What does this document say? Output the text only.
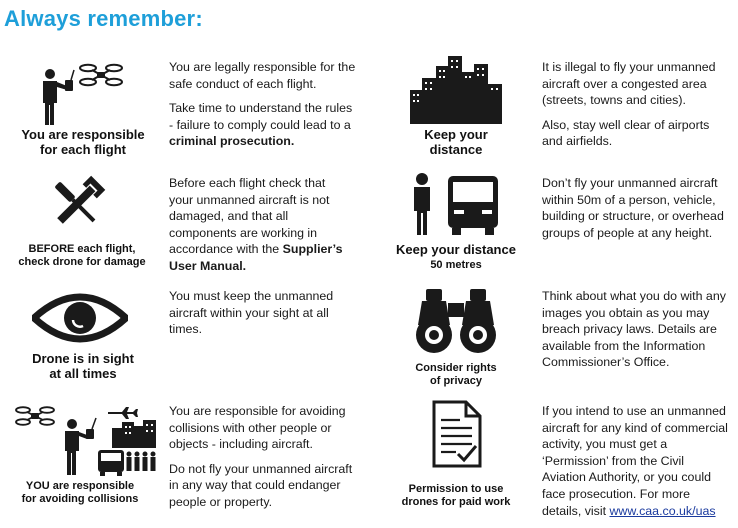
Always remember:
You are responsible
for each flight

You are legally responsible for the safe conduct of each flight.

Take time to understand the rules - failure to comply could lead to a criminal prosecution.

BEFORE each flight,
check drone for damage

Before each flight check that your unmanned aircraft is not damaged, and that all components are working in accordance with the Supplier’s User Manual.

Drone is in sight
at all times

You must keep the unmanned aircraft within your sight at all times.

YOU are responsible
for avoiding collisions

You are responsible for avoiding collisions with other people or objects - including aircraft.

Do not fly your unmanned aircraft in any way that could endanger people or property.

Keep your
distance

It is illegal to fly your unmanned aircraft over a congested area (streets, towns and cities).

Also, stay well clear of airports and airfields.

Keep your distance
50 metres

Don’t fly your unmanned aircraft within 50m of a person, vehicle, building or structure, or overhead groups of people at any height.

Consider rights
of privacy

Think about what you do with any images you obtain as you may breach privacy laws. Details are available from the Information Commissioner’s Office.

Permission to use
drones for paid work

If you intend to use an unmanned aircraft for any kind of commercial activity, you must get a ‘Permission’ from the Civil Aviation Authority, or you could face prosecution. For more details, visit www.caa.co.uk/uas
